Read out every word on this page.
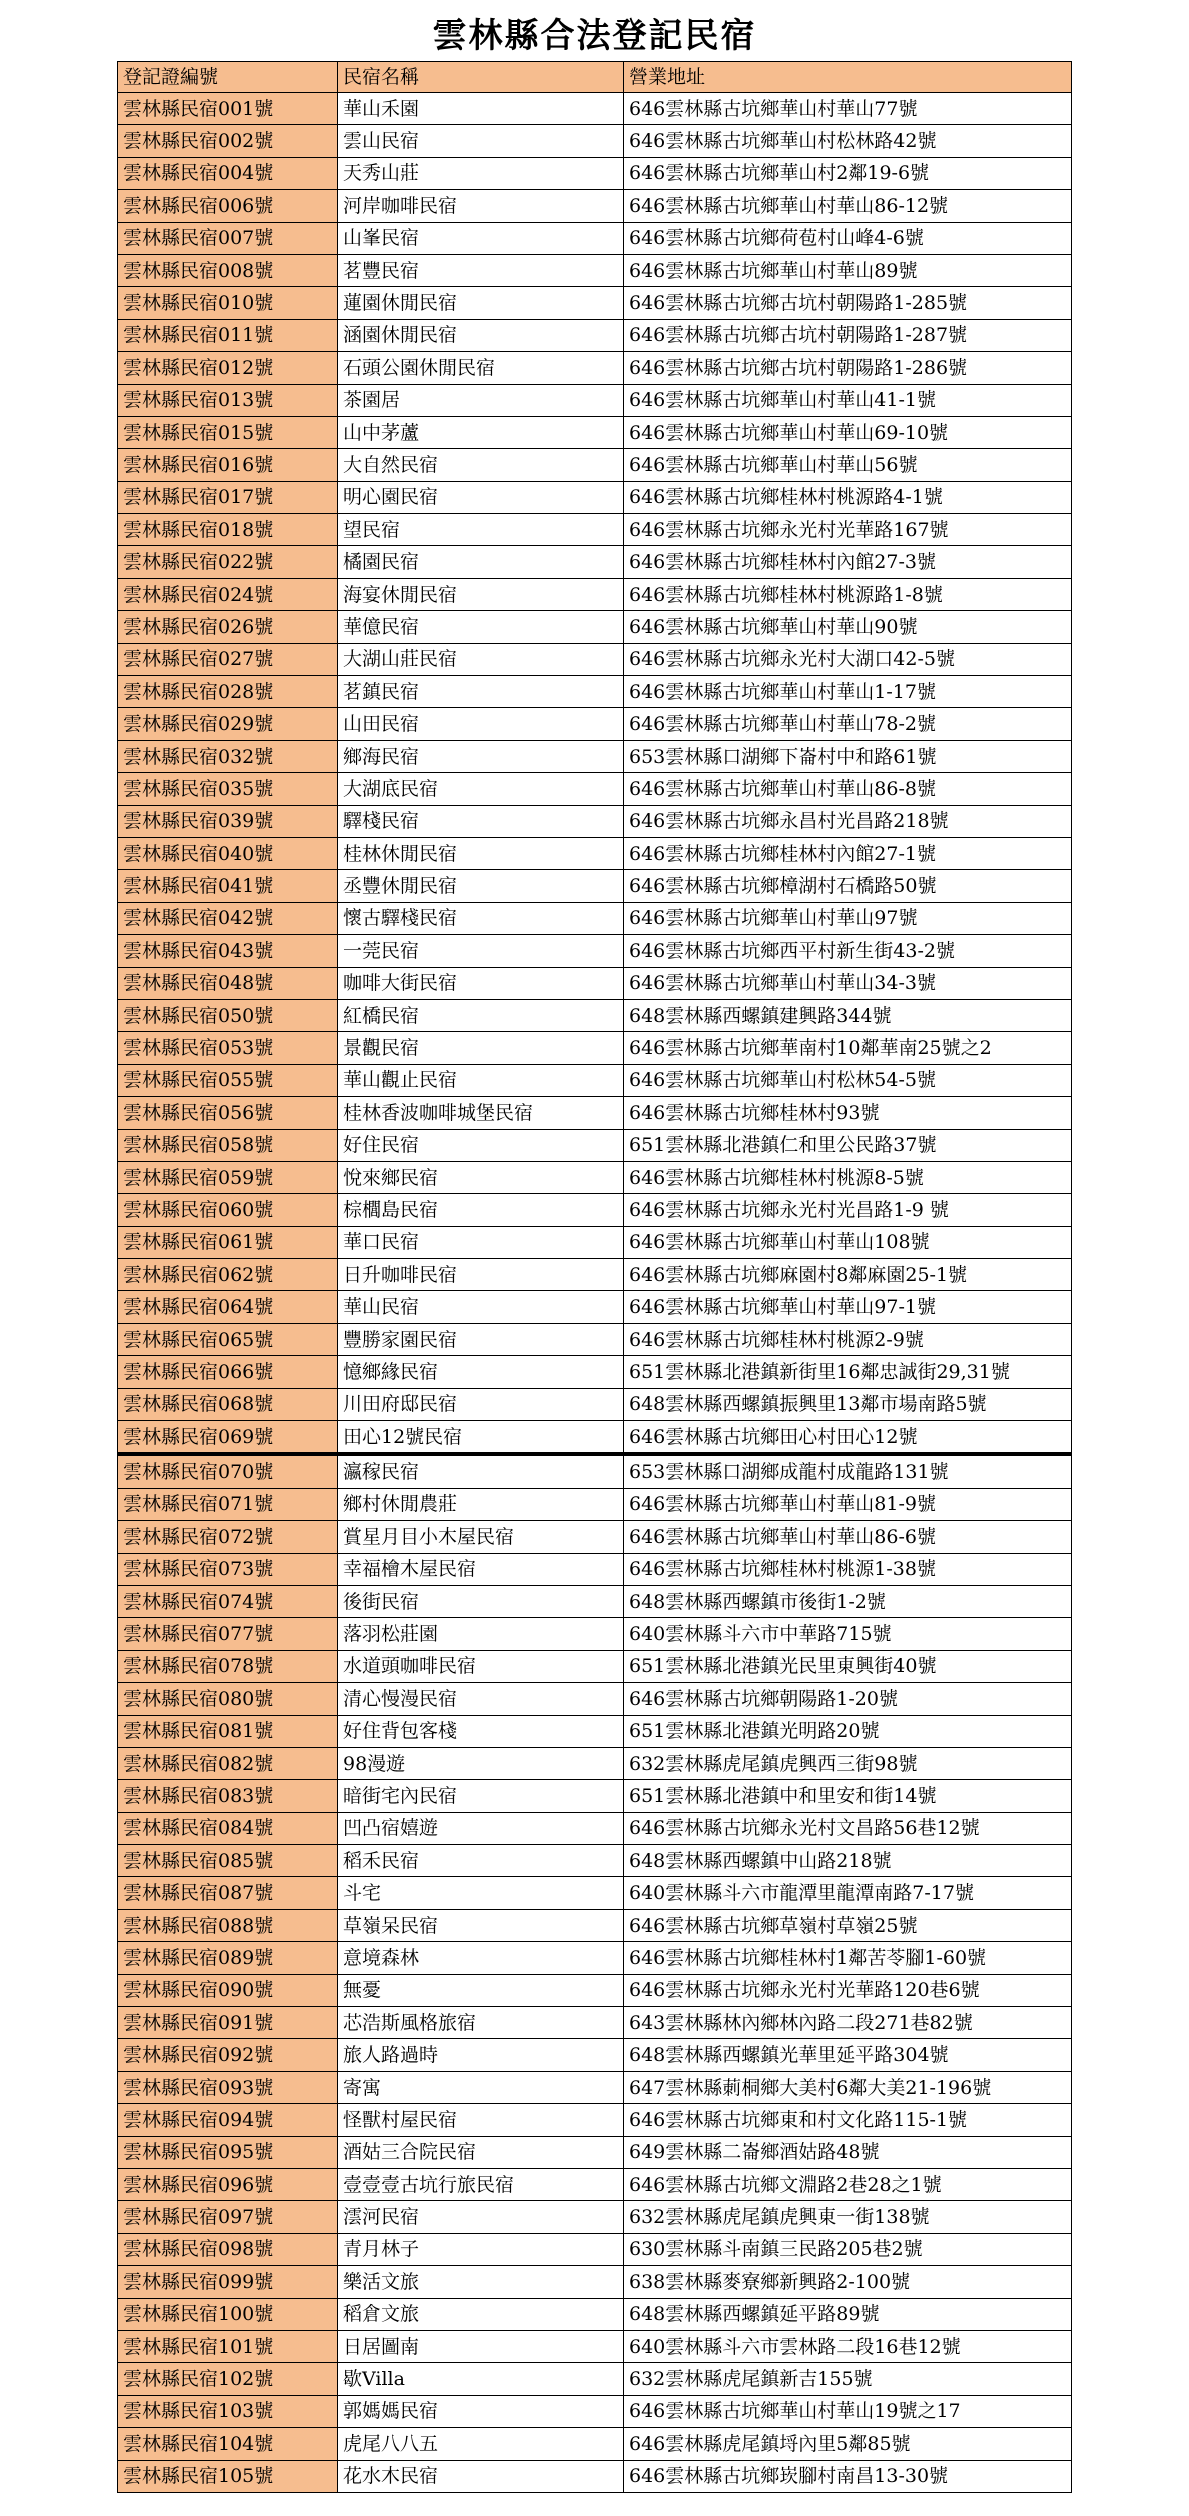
雲林縣合法登記民宿
登記證編號	民宿名稱	營業地址
雲林縣民宿001號	華山禾園	646雲林縣古坑鄉華山村華山77號
雲林縣民宿002號	雲山民宿	646雲林縣古坑鄉華山村松林路42號
雲林縣民宿004號	天秀山莊	646雲林縣古坑鄉華山村2鄰19-6號
雲林縣民宿006號	河岸咖啡民宿	646雲林縣古坑鄉華山村華山86-12號
雲林縣民宿007號	山峯民宿	646雲林縣古坑鄉荷苞村山峰4-6號
雲林縣民宿008號	茗豐民宿	646雲林縣古坑鄉華山村華山89號
雲林縣民宿010號	蓮園休閒民宿	646雲林縣古坑鄉古坑村朝陽路1-285號
雲林縣民宿011號	涵園休閒民宿	646雲林縣古坑鄉古坑村朝陽路1-287號
雲林縣民宿012號	石頭公園休閒民宿	646雲林縣古坑鄉古坑村朝陽路1-286號
雲林縣民宿013號	茶園居	646雲林縣古坑鄉華山村華山41-1號
雲林縣民宿015號	山中茅蘆	646雲林縣古坑鄉華山村華山69-10號
雲林縣民宿016號	大自然民宿	646雲林縣古坑鄉華山村華山56號
雲林縣民宿017號	明心園民宿	646雲林縣古坑鄉桂林村桃源路4-1號
雲林縣民宿018號	望民宿	646雲林縣古坑鄉永光村光華路167號
雲林縣民宿022號	橘園民宿	646雲林縣古坑鄉桂林村內館27-3號
雲林縣民宿024號	海宴休閒民宿	646雲林縣古坑鄉桂林村桃源路1-8號
雲林縣民宿026號	華億民宿	646雲林縣古坑鄉華山村華山90號
雲林縣民宿027號	大湖山莊民宿	646雲林縣古坑鄉永光村大湖口42-5號
雲林縣民宿028號	茗鎮民宿	646雲林縣古坑鄉華山村華山1-17號
雲林縣民宿029號	山田民宿	646雲林縣古坑鄉華山村華山78-2號
雲林縣民宿032號	鄉海民宿	653雲林縣口湖鄉下崙村中和路61號
雲林縣民宿035號	大湖底民宿	646雲林縣古坑鄉華山村華山86-8號
雲林縣民宿039號	驛棧民宿	646雲林縣古坑鄉永昌村光昌路218號
雲林縣民宿040號	桂林休閒民宿	646雲林縣古坑鄉桂林村內館27-1號
雲林縣民宿041號	丞豐休閒民宿	646雲林縣古坑鄉樟湖村石橋路50號
雲林縣民宿042號	懷古驛棧民宿	646雲林縣古坑鄉華山村華山97號
雲林縣民宿043號	一莞民宿	646雲林縣古坑鄉西平村新生街43-2號
雲林縣民宿048號	咖啡大街民宿	646雲林縣古坑鄉華山村華山34-3號
雲林縣民宿050號	紅橋民宿	648雲林縣西螺鎮建興路344號
雲林縣民宿053號	景觀民宿	646雲林縣古坑鄉華南村10鄰華南25號之2
雲林縣民宿055號	華山觀止民宿	646雲林縣古坑鄉華山村松林54-5號
雲林縣民宿056號	桂林香波咖啡城堡民宿	646雲林縣古坑鄉桂林村93號
雲林縣民宿058號	好住民宿	651雲林縣北港鎮仁和里公民路37號
雲林縣民宿059號	悅來鄉民宿	646雲林縣古坑鄉桂林村桃源8-5號
雲林縣民宿060號	棕櫚島民宿	646雲林縣古坑鄉永光村光昌路1-9 號
雲林縣民宿061號	華口民宿	646雲林縣古坑鄉華山村華山108號
雲林縣民宿062號	日升咖啡民宿	646雲林縣古坑鄉麻園村8鄰麻園25-1號
雲林縣民宿064號	華山民宿	646雲林縣古坑鄉華山村華山97-1號
雲林縣民宿065號	豐勝家園民宿	646雲林縣古坑鄉桂林村桃源2-9號
雲林縣民宿066號	憶鄉緣民宿	651雲林縣北港鎮新街里16鄰忠誠街29,31號
雲林縣民宿068號	川田府邸民宿	648雲林縣西螺鎮振興里13鄰市場南路5號
雲林縣民宿069號	田心12號民宿	646雲林縣古坑鄉田心村田心12號
雲林縣民宿070號	瀛稼民宿	653雲林縣口湖鄉成龍村成龍路131號
雲林縣民宿071號	鄉村休閒農莊	646雲林縣古坑鄉華山村華山81-9號
雲林縣民宿072號	賞星月目小木屋民宿	646雲林縣古坑鄉華山村華山86-6號
雲林縣民宿073號	幸福檜木屋民宿	646雲林縣古坑鄉桂林村桃源1-38號
雲林縣民宿074號	後街民宿	648雲林縣西螺鎮市後街1-2號
雲林縣民宿077號	落羽松莊園	640雲林縣斗六市中華路715號
雲林縣民宿078號	水道頭咖啡民宿	651雲林縣北港鎮光民里東興街40號
雲林縣民宿080號	清心慢漫民宿	646雲林縣古坑鄉朝陽路1-20號
雲林縣民宿081號	好住背包客棧	651雲林縣北港鎮光明路20號
雲林縣民宿082號	98漫遊	632雲林縣虎尾鎮虎興西三街98號
雲林縣民宿083號	暗街宅內民宿	651雲林縣北港鎮中和里安和街14號
雲林縣民宿084號	凹凸宿嬉遊	646雲林縣古坑鄉永光村文昌路56巷12號
雲林縣民宿085號	稻禾民宿	648雲林縣西螺鎮中山路218號
雲林縣民宿087號	斗宅	640雲林縣斗六市龍潭里龍潭南路7-17號
雲林縣民宿088號	草嶺呆民宿	646雲林縣古坑鄉草嶺村草嶺25號
雲林縣民宿089號	意境森林	646雲林縣古坑鄉桂林村1鄰苦苓腳1-60號
雲林縣民宿090號	無憂	646雲林縣古坑鄉永光村光華路120巷6號
雲林縣民宿091號	芯浩斯風格旅宿	643雲林縣林內鄉林內路二段271巷82號
雲林縣民宿092號	旅人路過時	648雲林縣西螺鎮光華里延平路304號
雲林縣民宿093號	寄寓	647雲林縣莿桐鄉大美村6鄰大美21-196號
雲林縣民宿094號	怪獸村屋民宿	646雲林縣古坑鄉東和村文化路115-1號
雲林縣民宿095號	酒姑三合院民宿	649雲林縣二崙鄉酒姑路48號
雲林縣民宿096號	壹壹壹古坑行旅民宿	646雲林縣古坑鄉文淵路2巷28之1號
雲林縣民宿097號	澐河民宿	632雲林縣虎尾鎮虎興東一街138號
雲林縣民宿098號	青月林子	630雲林縣斗南鎮三民路205巷2號
雲林縣民宿099號	樂活文旅	638雲林縣麥寮鄉新興路2-100號
雲林縣民宿100號	稻倉文旅	648雲林縣西螺鎮延平路89號
雲林縣民宿101號	日居圖南	640雲林縣斗六市雲林路二段16巷12號
雲林縣民宿102號	歇Villa	632雲林縣虎尾鎮新吉155號
雲林縣民宿103號	郭媽媽民宿	646雲林縣古坑鄉華山村華山19號之17
雲林縣民宿104號	虎尾八八五	646雲林縣虎尾鎮埒內里5鄰85號
雲林縣民宿105號	花水木民宿	646雲林縣古坑鄉崁腳村南昌13-30號
